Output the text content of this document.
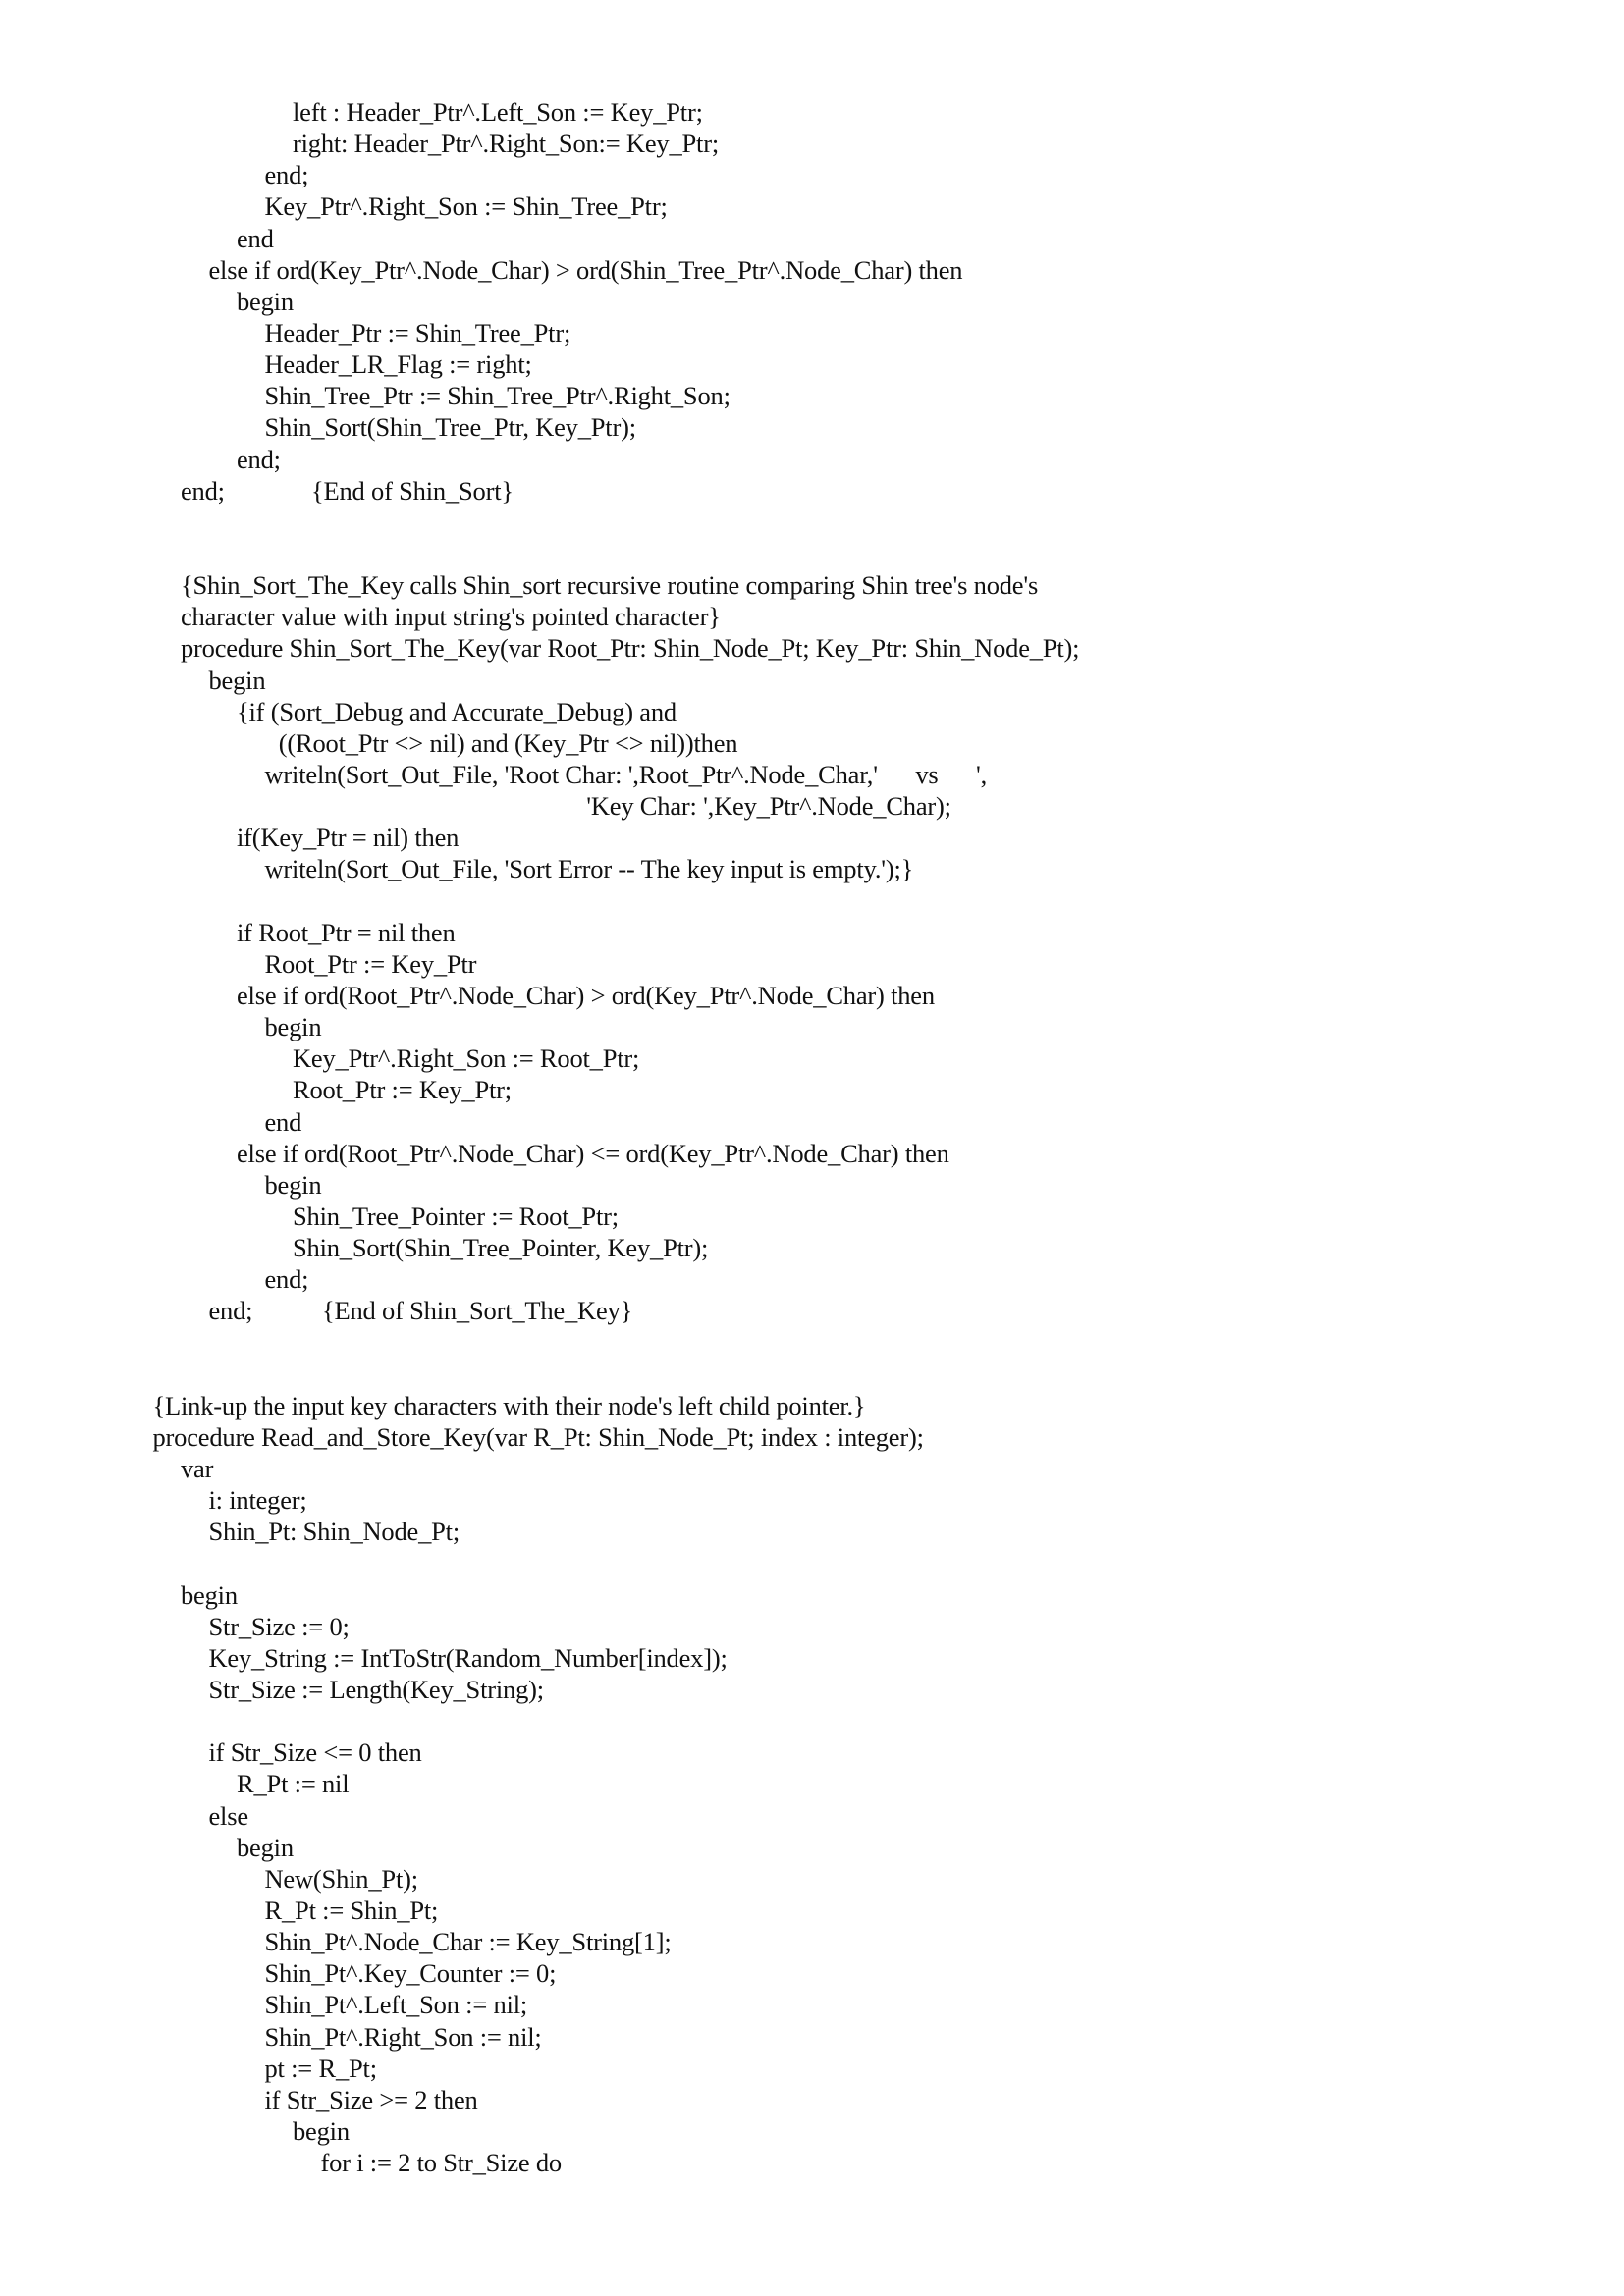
left : Header_Ptr^.Left_Son := Key_Ptr;
right: Header_Ptr^.Right_Son:= Key_Ptr;
end;
Key_Ptr^.Right_Son := Shin_Tree_Ptr;
end
else if ord(Key_Ptr^.Node_Char) > ord(Shin_Tree_Ptr^.Node_Char) then
begin
Header_Ptr := Shin_Tree_Ptr;
Header_LR_Flag := right;
Shin_Tree_Ptr := Shin_Tree_Ptr^.Right_Son;
Shin_Sort(Shin_Tree_Ptr, Key_Ptr);
end;
end;	{End of Shin_Sort}
{Shin_Sort_The_Key calls Shin_sort recursive routine comparing Shin tree's node's
character value with input string's pointed character}
procedure Shin_Sort_The_Key(var Root_Ptr: Shin_Node_Pt; Key_Ptr: Shin_Node_Pt);
begin
{if (Sort_Debug and Accurate_Debug) and
((Root_Ptr <> nil) and (Key_Ptr <> nil))then
writeln(Sort_Out_File, 'Root Char: ',Root_Ptr^.Node_Char,'      vs      ',
'Key Char: ',Key_Ptr^.Node_Char);
if(Key_Ptr = nil) then
writeln(Sort_Out_File, 'Sort Error -- The key input is empty.');}
if Root_Ptr = nil then
Root_Ptr := Key_Ptr
else if ord(Root_Ptr^.Node_Char) > ord(Key_Ptr^.Node_Char) then
begin
Key_Ptr^.Right_Son := Root_Ptr;
Root_Ptr := Key_Ptr;
end
else if ord(Root_Ptr^.Node_Char) <= ord(Key_Ptr^.Node_Char) then
begin
Shin_Tree_Pointer := Root_Ptr;
Shin_Sort(Shin_Tree_Pointer, Key_Ptr);
end;
end;	{End of Shin_Sort_The_Key}
{Link-up the input key characters with their node's left child pointer.}
procedure Read_and_Store_Key(var R_Pt: Shin_Node_Pt; index : integer);
var
i: integer;
Shin_Pt: Shin_Node_Pt;
begin
Str_Size := 0;
Key_String := IntToStr(Random_Number[index]);
Str_Size := Length(Key_String);
if Str_Size <= 0 then
R_Pt := nil
else
begin
New(Shin_Pt);
R_Pt := Shin_Pt;
Shin_Pt^.Node_Char := Key_String[1];
Shin_Pt^.Key_Counter := 0;
Shin_Pt^.Left_Son := nil;
Shin_Pt^.Right_Son := nil;
pt := R_Pt;
if Str_Size >= 2 then
begin
for i := 2 to Str_Size do
